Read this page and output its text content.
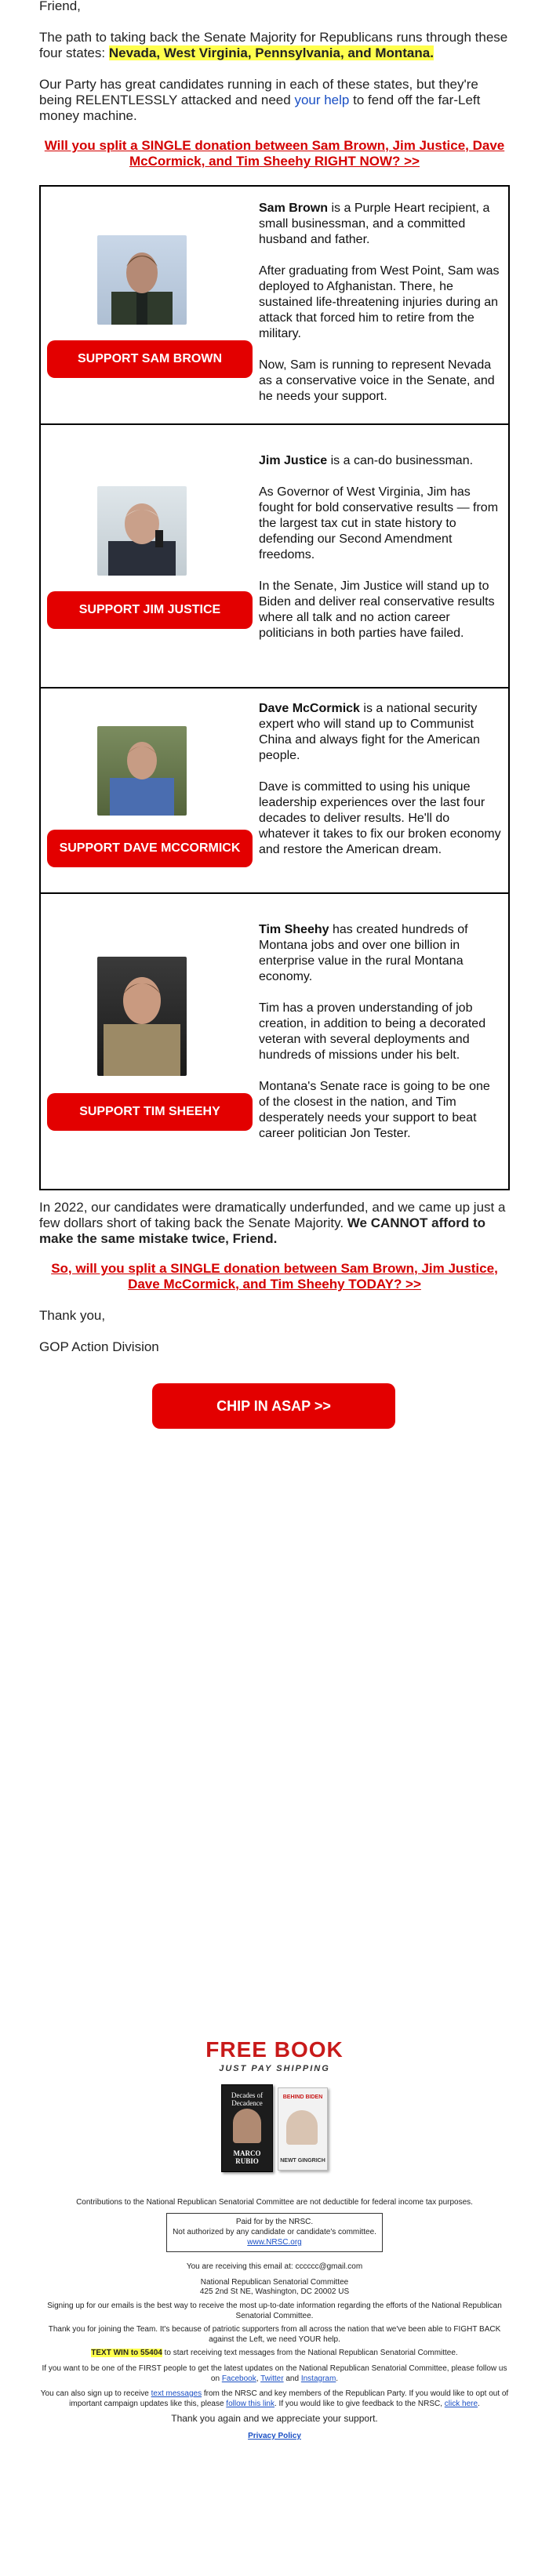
Friend,

The path to taking back the Senate Majority for Republicans runs through these four states: Nevada, West Virginia, Pennsylvania, and Montana.

Our Party has great candidates running in each of these states, but they're being RELENTLESSLY attacked and need your help to fend off the far-Left money machine.

Will you split a SINGLE donation between Sam Brown, Jim Justice, Dave McCormick, and Tim Sheehy RIGHT NOW? >>
SUPPORT SAM BROWN

Sam Brown is a Purple Heart recipient, a small businessman, and a committed husband and father.

After graduating from West Point, Sam was deployed to Afghanistan. There, he sustained life-threatening injuries during an attack that forced him to retire from the military.

Now, Sam is running to represent Nevada as a conservative voice in the Senate, and he needs your support.

SUPPORT JIM JUSTICE

Jim Justice is a can-do businessman.

As Governor of West Virginia, Jim has fought for bold conservative results — from the largest tax cut in state history to defending our Second Amendment freedoms.

In the Senate, Jim Justice will stand up to Biden and deliver real conservative results where all talk and no action career politicians in both parties have failed.

SUPPORT DAVE MCCORMICK

Dave McCormick is a national security expert who will stand up to Communist China and always fight for the American people.

Dave is committed to using his unique leadership experiences over the last four decades to deliver results. He'll do whatever it takes to fix our broken economy and restore the American dream.

SUPPORT TIM SHEEHY

Tim Sheehy has created hundreds of Montana jobs and over one billion in enterprise value in the rural Montana economy.

Tim has a proven understanding of job creation, in addition to being a decorated veteran with several deployments and hundreds of missions under his belt.

Montana's Senate race is going to be one of the closest in the nation, and Tim desperately needs your support to beat career politician Jon Tester.

In 2022, our candidates were dramatically underfunded, and we came up just a few dollars short of taking back the Senate Majority. We CANNOT afford to make the same mistake twice, Friend.

So, will you split a SINGLE donation between Sam Brown, Jim Justice, Dave McCormick, and Tim Sheehy TODAY? >>

Thank you,

GOP Action Division

CHIP IN ASAP >>
FREE BOOK
JUST PAY SHIPPING
Decades of Decadence
MARCO RUBIO
BEHIND BIDEN
NEWT GINGRICH

Contributions to the National Republican Senatorial Committee are not deductible for federal income tax purposes.

Paid for by the NRSC.
Not authorized by any candidate or candidate's committee.
www.NRSC.org

You are receiving this email at: cccccc@gmail.com

National Republican Senatorial Committee

425 2nd St NE, Washington, DC 20002 US

Signing up for our emails is the best way to receive the most up-to-date information regarding the efforts of the National Republican Senatorial Committee.

Thank you for joining the Team. It's because of patriotic supporters from all across the nation that we've been able to FIGHT BACK against the Left, we need YOUR help.

TEXT WIN to 55404 to start receiving text messages from the National Republican Senatorial Committee.

If you want to be one of the FIRST people to get the latest updates on the National Republican Senatorial Committee, please follow us on Facebook, Twitter and Instagram.

You can also sign up to receive text messages from the NRSC and key members of the Republican Party. If you would like to opt out of important campaign updates like this, please follow this link. If you would like to give feedback to the NRSC, click here.

Thank you again and we appreciate your support.

Privacy Policy
